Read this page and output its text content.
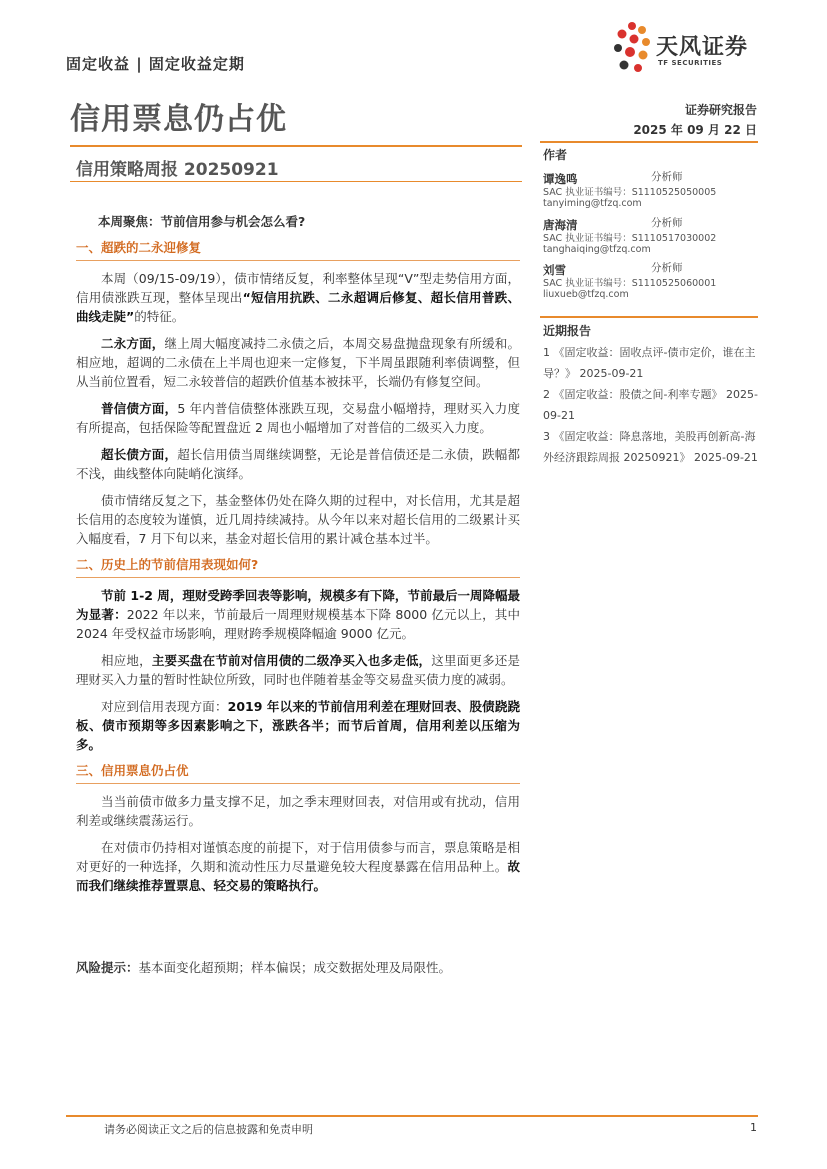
固定收益 | 固定收益定期
天风证券
TF SECURITIES
信用票息仍占优	证券研究报告
2025 年 09 月 22 日
信用策略周报 20250921
作者
谭逸鸣	分析师
SAC 执业证书编号：S1110525050005
tanyiming@tfzq.com
唐海清	分析师
SAC 执业证书编号：S1110517030002
tanghaiqing@tfzq.com
刘雪	分析师
SAC 执业证书编号：S1110525060001
liuxueb@tfzq.com
近期报告
1 《固定收益：固收点评-债市定价，谁在主导？》 2025-09-21
2 《固定收益：股债之间-利率专题》 2025-09-21
3 《固定收益：降息落地，美股再创新高-海外经济跟踪周报 20250921》 2025-09-21
本周聚焦：节前信用参与机会怎么看?
一、超跌的二永迎修复

本周（09/15-09/19），债市情绪反复，利率整体呈现“V”型走势信用方面，信用债涨跌互现，整体呈现出“短信用抗跌、二永超调后修复、超长信用普跌、曲线走陡”的特征。

二永方面，继上周大幅度减持二永债之后，本周交易盘抛盘现象有所缓和。相应地，超调的二永债在上半周也迎来一定修复，下半周虽跟随利率债调整，但从当前位置看，短二永较普信的超跌价值基本被抹平，长端仍有修复空间。

普信债方面，5 年内普信债整体涨跌互现，交易盘小幅增持，理财买入力度有所提高，包括保险等配置盘近 2 周也小幅增加了对普信的二级买入力度。

超长债方面，超长信用债当周继续调整，无论是普信债还是二永债，跌幅都不浅，曲线整体向陡峭化演绎。

债市情绪反复之下，基金整体仍处在降久期的过程中，对长信用，尤其是超长信用的态度较为谨慎，近几周持续减持。从今年以来对超长信用的二级累计买入幅度看，7 月下旬以来，基金对超长信用的累计减仓基本过半。

二、历史上的节前信用表现如何?

节前 1-2 周，理财受跨季回表等影响，规模多有下降，节前最后一周降幅最为显著：2022 年以来，节前最后一周理财规模基本下降 8000 亿元以上，其中 2024 年受权益市场影响，理财跨季规模降幅逾 9000 亿元。

相应地，主要买盘在节前对信用债的二级净买入也多走低，这里面更多还是理财买入力量的暂时性缺位所致，同时也伴随着基金等交易盘买债力度的减弱。

对应到信用表现方面：2019 年以来的节前信用利差在理财回表、股债跷跷板、债市预期等多因素影响之下，涨跌各半；而节后首周，信用利差以压缩为多。

三、信用票息仍占优

当当前债市做多力量支撑不足，加之季末理财回表，对信用或有扰动，信用利差或继续震荡运行。

在对债市仍持相对谨慎态度的前提下，对于信用债参与而言，票息策略是相对更好的一种选择，久期和流动性压力尽量避免较大程度暴露在信用品种上。故而我们继续推荐置票息、轻交易的策略执行。

风险提示：基本面变化超预期；样本偏误；成交数据处理及局限性。
请务必阅读正文之后的信息披露和免责申明	1
